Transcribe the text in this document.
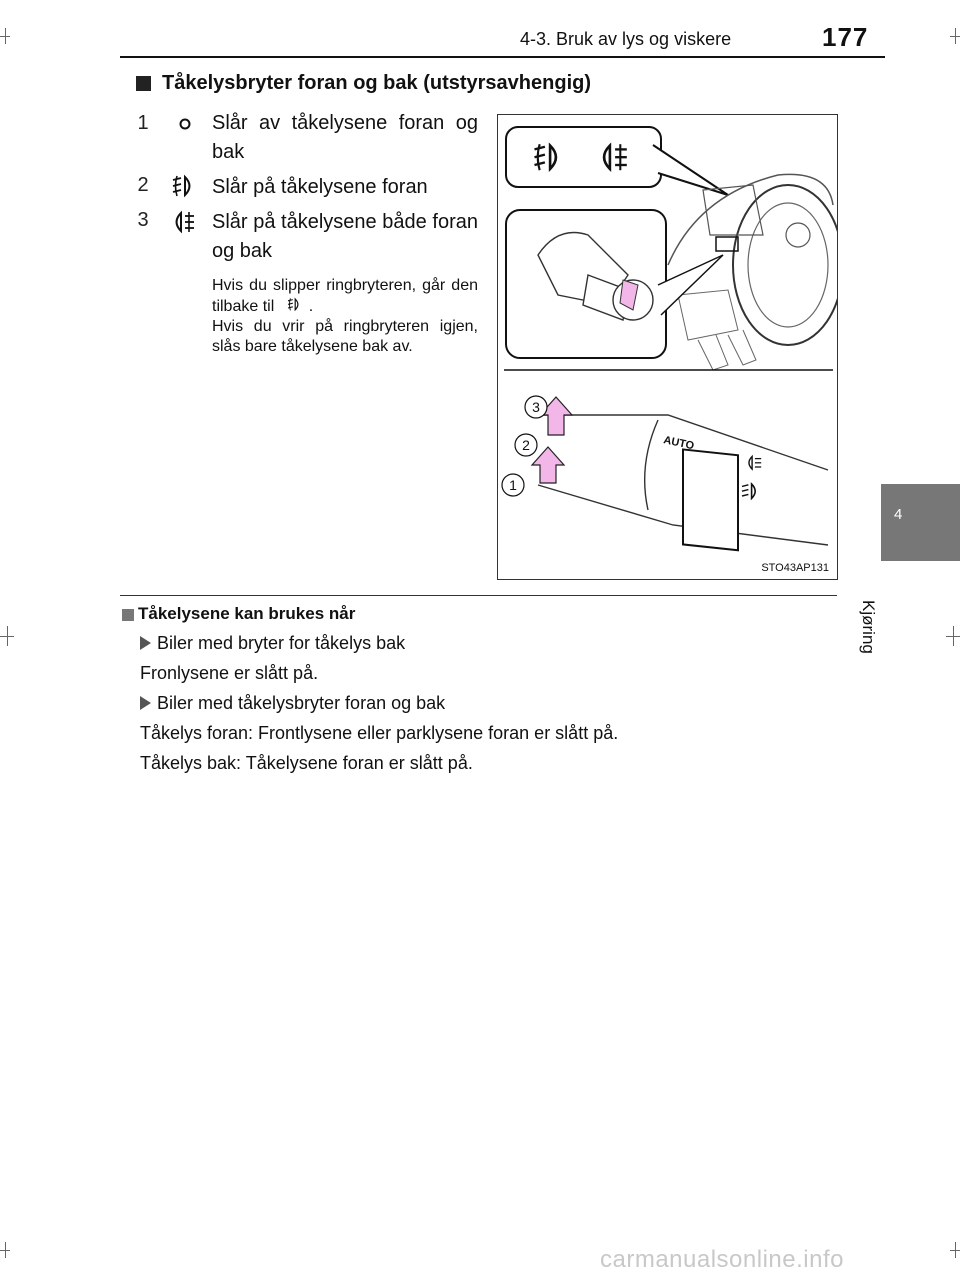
4-3. Bruk av lys og viskere	177
4
Kjøring
Tåkelysbryter foran og bak (utstyrsavhengig)
1	Slår av tåkelysene foran og bak
2	Slår på tåkelysene foran
3	Slår på tåkelysene både foran og bak
Hvis du slipper ringbryteren, går den tilbake til .
Hvis du vrir på ringbryteren igjen, slås bare tåkelysene bak av.
AUTO
3
2
1
STO43AP131
Tåkelysene kan brukes når
Biler med bryter for tåkelys bak
Fronlysene er slått på.
Biler med tåkelysbryter foran og bak
Tåkelys foran: Frontlysene eller parklysene foran er slått på.
Tåkelys bak: Tåkelysene foran er slått på.
carmanualsonline.info
